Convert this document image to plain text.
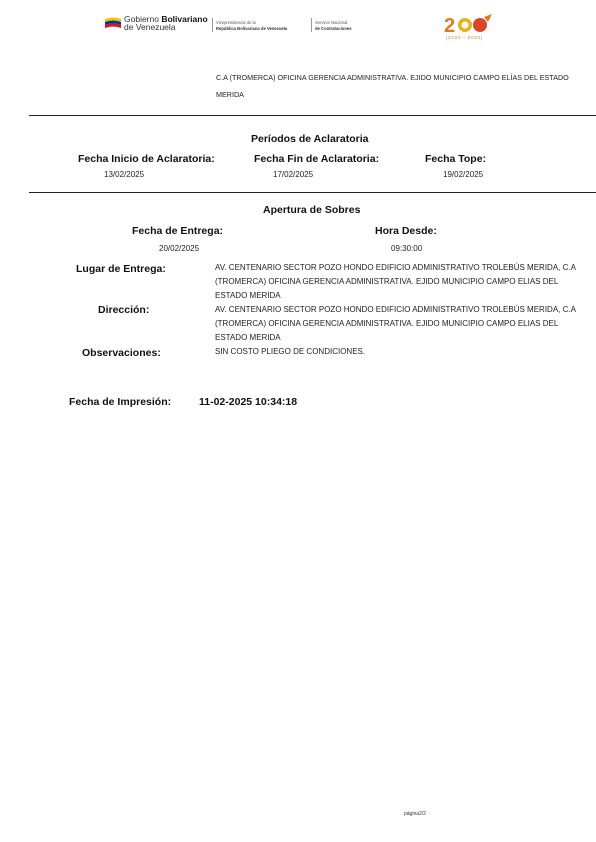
Gobierno Bolivariano
de Venezuela	Vicepresidencia de la
República Bolivariana de Venezuela
Servicio Nacional
de Contrataciones	2
[2020 - 2030]
C.A (TROMERCA) OFICINA GERENCIA ADMINISTRATIVA. EJIDO MUNICIPIO CAMPO ELÍAS DEL ESTADO MERIDA
Períodos de Aclaratoria
Fecha Inicio de Aclaratoria:
13/02/2025
Fecha Fin de Aclaratoria:
17/02/2025
Fecha Tope:
19/02/2025
Apertura de Sobres
Fecha de Entrega:
20/02/2025
Hora Desde:
09:30:00
Lugar de Entrega:	AV. CENTENARIO SECTOR POZO HONDO EDIFICIO ADMINISTRATIVO TROLEBÚS MERIDA, C.A (TROMERCA) OFICINA GERENCIA ADMINISTRATIVA. EJIDO MUNICIPIO CAMPO ELIAS DEL ESTADO MERIDA
Dirección:	AV. CENTENARIO SECTOR POZO HONDO EDIFICIO ADMINISTRATIVO TROLEBÚS MERIDA, C.A (TROMERCA) OFICINA GERENCIA ADMINISTRATIVA. EJIDO MUNICIPIO CAMPO ELIAS DEL ESTADO MERIDA
Observaciones:	SIN COSTO PLIEGO DE CONDICIONES.
Fecha de Impresión:	11-02-2025 10:34:18
página2/2
